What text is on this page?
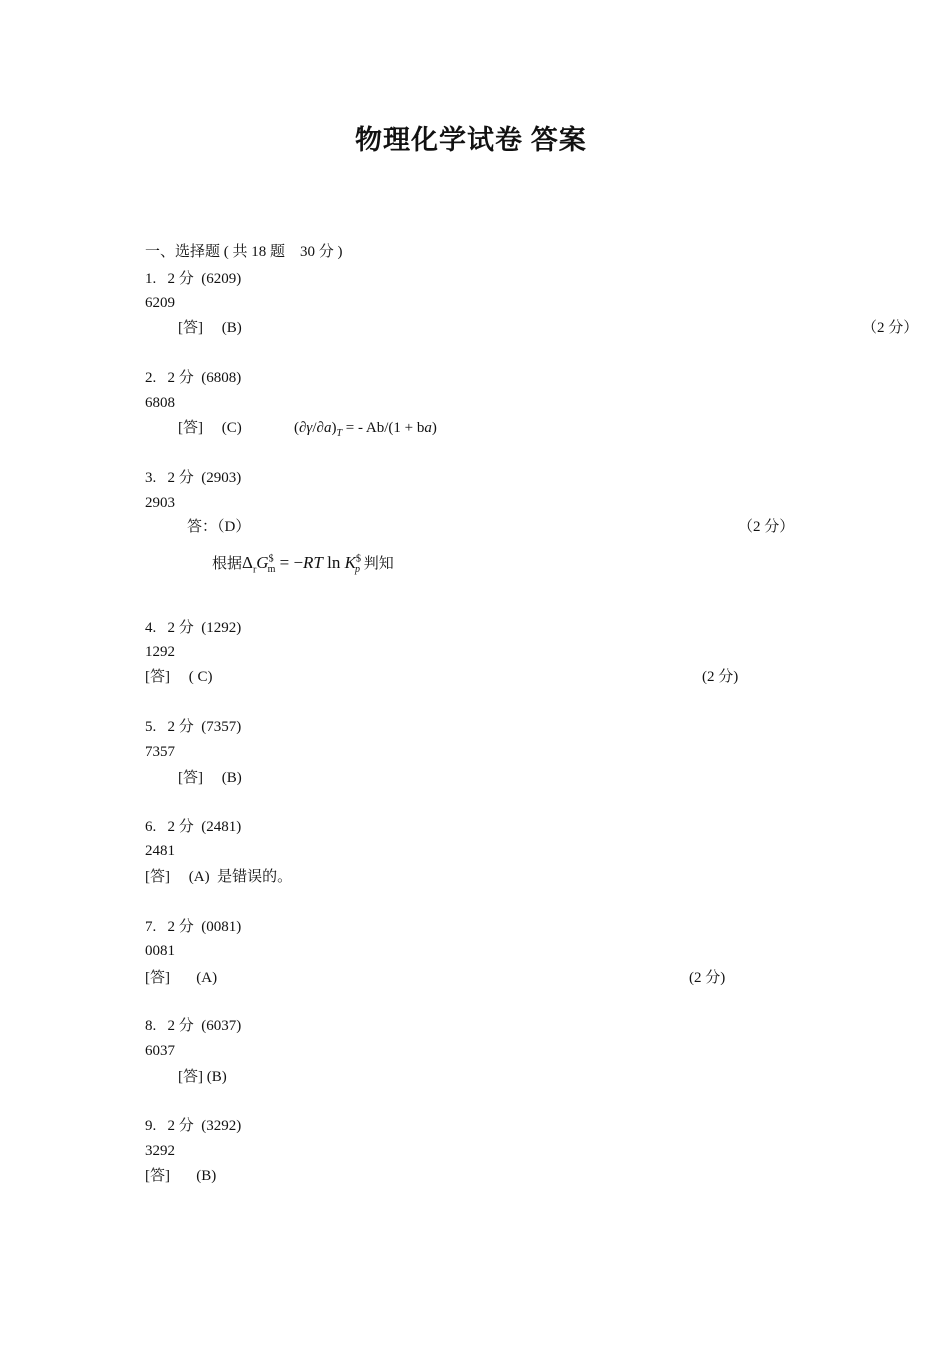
物理化学试卷 答案
一、选择题 ( 共 18 题　30 分 )
1.   2 分  (6209)
6209
[答]     (B)	（2 分）
2.   2 分  (6808)
6808
[答]     (C)	$(\partial\gamma/\partial a)_T$ = - Ab/(1 + ba)
3.   2 分  (2903)
2903
答：（D）	（2 分）
根据$\Delta_rG^{\$}_m = -RT$ $\ln K^{\$}_p$ 判知
4.   2 分  (1292)
1292
[答]     ( C)	(2 分)
5.   2 分  (7357)
7357
[答]     (B)
6.   2 分  (2481)
2481
[答]     (A)  是错误的。
7.   2 分  (0081)
0081
[答]       (A)	(2 分)
8.   2 分  (6037)
6037
[答] (B)
9.   2 分  (3292)
3292
[答]       (B)
